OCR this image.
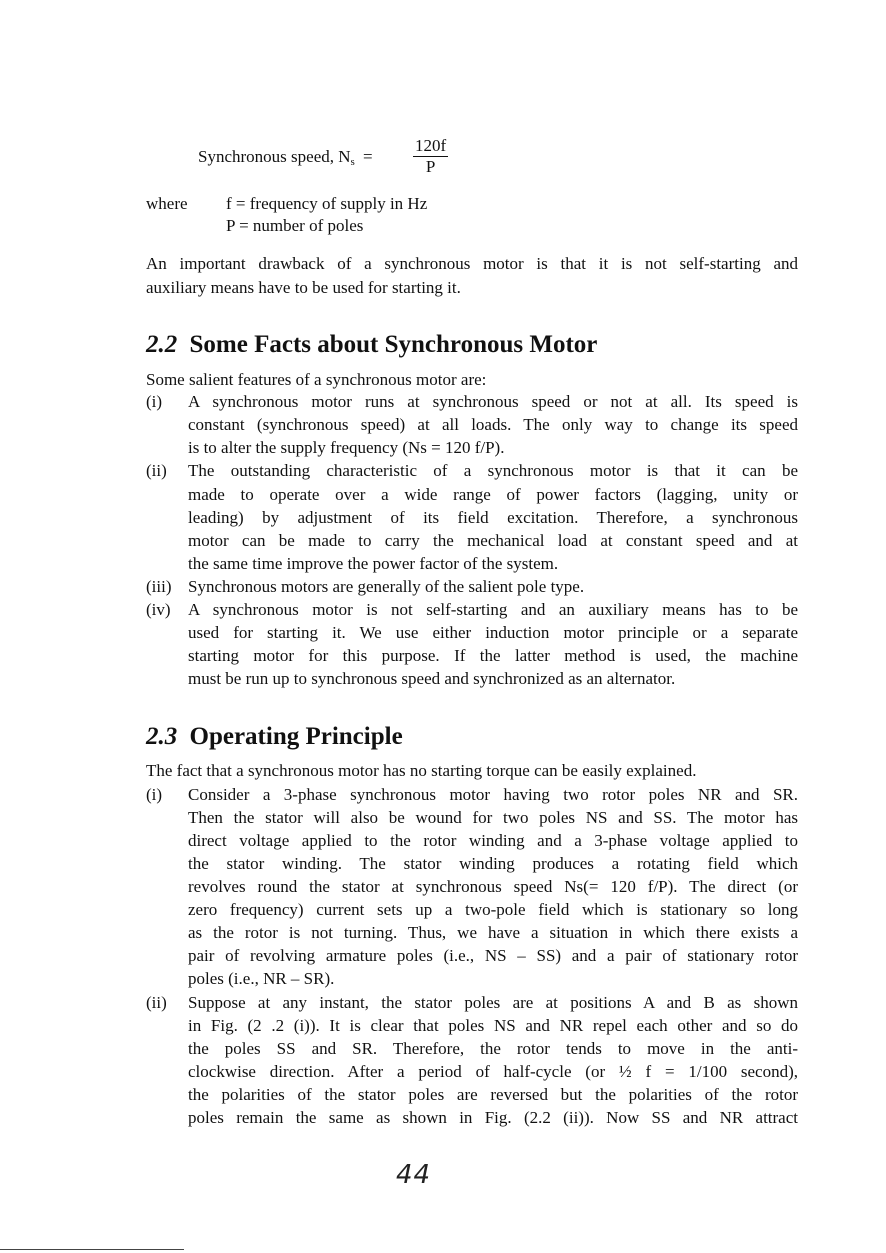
Synchronous speed, $N_s = \frac{120f}{P}$
where f = frequency of supply in Hz
P = number of poles
An important drawback of a synchronous motor is that it is not self-starting and
auxiliary means have to be used for starting it.
2.2 Some Facts about Synchronous Motor
Some salient features of a synchronous motor are:
(i) A synchronous motor runs at synchronous speed or not at all. Its speed is
constant (synchronous speed) at all loads. The only way to change its speed
is to alter the supply frequency (Ns = 120 f/P).
(ii) The outstanding characteristic of a synchronous motor is that it can be
made to operate over a wide range of power factors (lagging, unity or
leading) by adjustment of its field excitation. Therefore, a synchronous
motor can be made to carry the mechanical load at constant speed and at
the same time improve the power factor of the system.
(iii) Synchronous motors are generally of the salient pole type.
(iv) A synchronous motor is not self-starting and an auxiliary means has to be
used for starting it. We use either induction motor principle or a separate
starting motor for this purpose. If the latter method is used, the machine
must be run up to synchronous speed and synchronized as an alternator.
2.3 Operating Principle
The fact that a synchronous motor has no starting torque can be easily explained.
(i) Consider a 3-phase synchronous motor having two rotor poles NR and SR.
Then the stator will also be wound for two poles NS and SS. The motor has
direct voltage applied to the rotor winding and a 3-phase voltage applied to
the stator winding. The stator winding produces a rotating field which
revolves round the stator at synchronous speed Ns(= 120 f/P). The direct (or
zero frequency) current sets up a two-pole field which is stationary so long
as the rotor is not turning. Thus, we have a situation in which there exists a
pair of revolving armature poles (i.e., NS – SS) and a pair of stationary rotor
poles (i.e., NR – SR).
(ii) Suppose at any instant, the stator poles are at positions A and B as shown
in Fig. (2 .2 (i)). It is clear that poles NS and NR repel each other and so do
the poles SS and SR. Therefore, the rotor tends to move in the anti-
clockwise direction. After a period of half-cycle (or ½ f = 1/100 second),
the polarities of the stator poles are reversed but the polarities of the rotor
poles remain the same as shown in Fig. (2.2 (ii)). Now SS and NR attract
44
